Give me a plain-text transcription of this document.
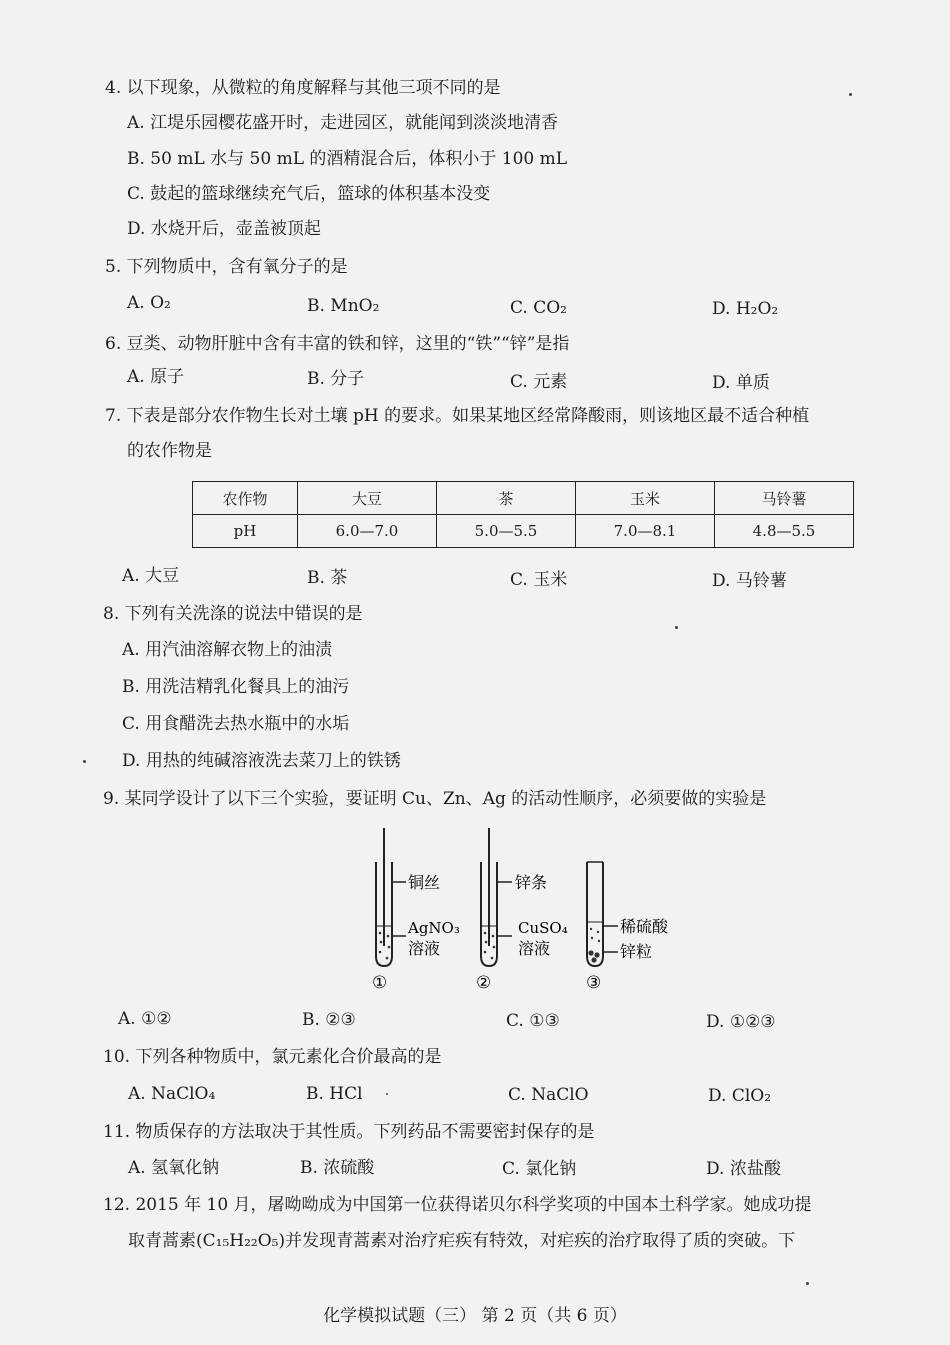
4. 以下现象，从微粒的角度解释与其他三项不同的是
A. 江堤乐园樱花盛开时，走进园区，就能闻到淡淡地清香
B. 50 mL 水与 50 mL 的酒精混合后，体积小于 100 mL
C. 鼓起的篮球继续充气后，篮球的体积基本没变
D. 水烧开后，壶盖被顶起
5. 下列物质中，含有氧分子的是
A. O₂	B. MnO₂	C. CO₂	D. H₂O₂
6. 豆类、动物肝脏中含有丰富的铁和锌，这里的“铁”“锌”是指
A. 原子	B. 分子	C. 元素	D. 单质
7. 下表是部分农作物生长对土壤 pH 的要求。如果某地区经常降酸雨，则该地区最不适合种植
的农作物是
农作物	大豆	茶	玉米	马铃薯
pH	6.0—7.0	5.0—5.5	7.0—8.1	4.8—5.5
A. 大豆	B. 茶	C. 玉米	D. 马铃薯
8. 下列有关洗涤的说法中错误的是
A. 用汽油溶解衣物上的油渍
B. 用洗洁精乳化餐具上的油污
C. 用食醋洗去热水瓶中的水垢
D. 用热的纯碱溶液洗去菜刀上的铁锈
9. 某同学设计了以下三个实验，要证明 Cu、Zn、Ag 的活动性顺序，必须要做的实验是
铜丝
AgNO₃
溶液
①
锌条
CuSO₄
溶液
②
稀硫酸
锌粒
③
A. ①②	B. ②③	C. ①③	D. ①②③
10. 下列各种物质中，氯元素化合价最高的是
A. NaClO₄	B. HCl	C. NaClO	D. ClO₂
11. 物质保存的方法取决于其性质。下列药品不需要密封保存的是
A. 氢氧化钠	B. 浓硫酸	C. 氯化钠	D. 浓盐酸
12. 2015 年 10 月，屠呦呦成为中国第一位获得诺贝尔科学奖项的中国本土科学家。她成功提
取青蒿素(C₁₅H₂₂O₅)并发现青蒿素对治疗疟疾有特效，对疟疾的治疗取得了质的突破。下
化学模拟试题（三） 第 2 页（共 6 页）
